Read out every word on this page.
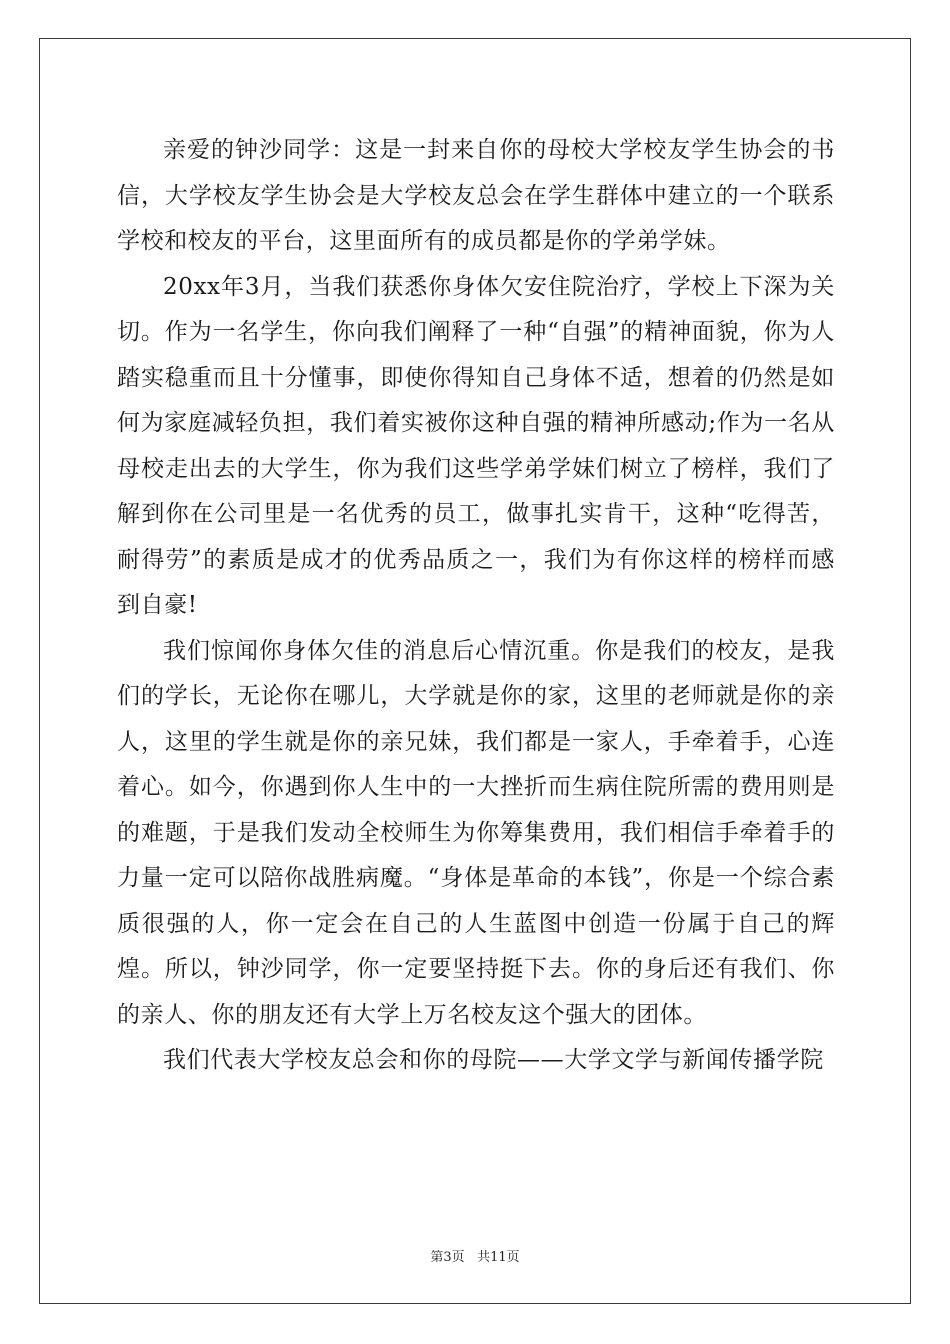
亲爱的钟沙同学：这是一封来自你的母校大学校友学生协会的书信，大学校友学生协会是大学校友总会在学生群体中建立的一个联系学校和校友的平台，这里面所有的成员都是你的学弟学妹。

20xx年3月，当我们获悉你身体欠安住院治疗，学校上下深为关切。作为一名学生，你向我们阐释了一种“自强”的精神面貌，你为人踏实稳重而且十分懂事，即使你得知自己身体不适，想着的仍然是如何为家庭减轻负担，我们着实被你这种自强的精神所感动;作为一名从母校走出去的大学生，你为我们这些学弟学妹们树立了榜样，我们了解到你在公司里是一名优秀的员工，做事扎实肯干，这种“吃得苦，耐得劳”的素质是成才的优秀品质之一，我们为有你这样的榜样而感到自豪!

我们惊闻你身体欠佳的消息后心情沉重。你是我们的校友，是我们的学长，无论你在哪儿，大学就是你的家，这里的老师就是你的亲人，这里的学生就是你的亲兄妹，我们都是一家人，手牵着手，心连着心。如今，你遇到你人生中的一大挫折而生病住院所需的费用则是的难题，于是我们发动全校师生为你筹集费用，我们相信手牵着手的力量一定可以陪你战胜病魔。“身体是革命的本钱”，你是一个综合素质很强的人，你一定会在自己的人生蓝图中创造一份属于自己的辉煌。所以，钟沙同学，你一定要坚持挺下去。你的身后还有我们、你的亲人、你的朋友还有大学上万名校友这个强大的团体。

我们代表大学校友总会和你的母院——大学文学与新闻传播学院

第3页 共11页
